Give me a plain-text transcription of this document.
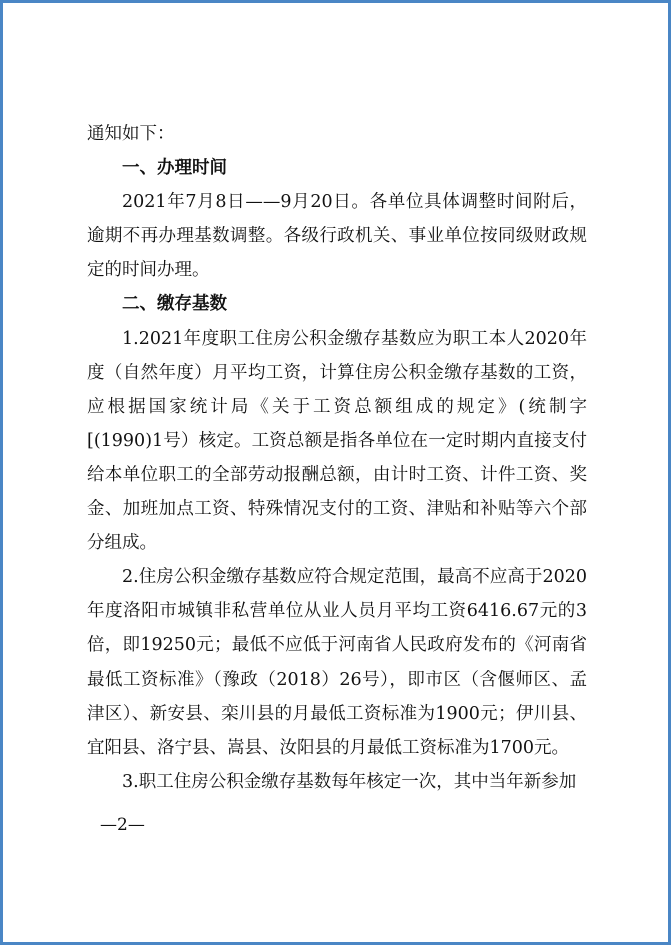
通知如下：

一、办理时间

2021年7月8日——9月20日。各单位具体调整时间附后，逾期不再办理基数调整。各级行政机关、事业单位按同级财政规定的时间办理。

二、缴存基数

1.2021年度职工住房公积金缴存基数应为职工本人2020年度（自然年度）月平均工资，计算住房公积金缴存基数的工资，应根据国家统计局《关于工资总额组成的规定》(统制字[(1990)1号）核定。工资总额是指各单位在一定时期内直接支付给本单位职工的全部劳动报酬总额，由计时工资、计件工资、奖金、加班加点工资、特殊情况支付的工资、津贴和补贴等六个部分组成。

2.住房公积金缴存基数应符合规定范围，最高不应高于2020年度洛阳市城镇非私营单位从业人员月平均工资6416.67元的3倍，即19250元；最低不应低于河南省人民政府发布的《河南省最低工资标准》（豫政（2018）26号），即市区（含偃师区、孟津区）、新安县、栾川县的月最低工资标准为1900元；伊川县、宜阳县、洛宁县、嵩县、汝阳县的月最低工资标准为1700元。

3.职工住房公积金缴存基数每年核定一次，其中当年新参加

—2—
